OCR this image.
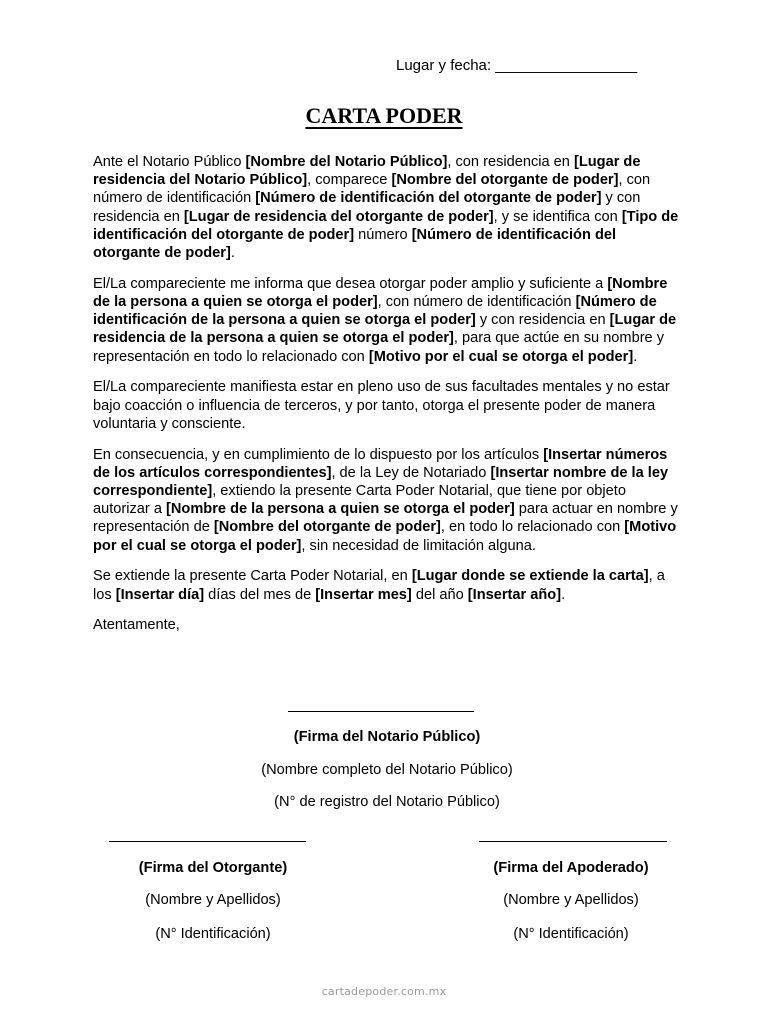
Lugar y fecha: _________________
CARTA PODER

Ante el Notario Público [Nombre del Notario Público], con residencia en [Lugar de residencia del Notario Público], comparece [Nombre del otorgante de poder], con número de identificación [Número de identificación del otorgante de poder] y con residencia en [Lugar de residencia del otorgante de poder], y se identifica con [Tipo de identificación del otorgante de poder] número [Número de identificación del otorgante de poder].

El/La compareciente me informa que desea otorgar poder amplio y suficiente a [Nombre de la persona a quien se otorga el poder], con número de identificación [Número de identificación de la persona a quien se otorga el poder] y con residencia en [Lugar de residencia de la persona a quien se otorga el poder], para que actúe en su nombre y representación en todo lo relacionado con [Motivo por el cual se otorga el poder].

El/La compareciente manifiesta estar en pleno uso de sus facultades mentales y no estar bajo coacción o influencia de terceros, y por tanto, otorga el presente poder de manera voluntaria y consciente.

En consecuencia, y en cumplimiento de lo dispuesto por los artículos [Insertar números de los artículos correspondientes], de la Ley de Notariado [Insertar nombre de la ley correspondiente], extiendo la presente Carta Poder Notarial, que tiene por objeto autorizar a [Nombre de la persona a quien se otorga el poder] para actuar en nombre y representación de [Nombre del otorgante de poder], en todo lo relacionado con [Motivo por el cual se otorga el poder], sin necesidad de limitación alguna.

Se extiende la presente Carta Poder Notarial, en [Lugar donde se extiende la carta], a los [Insertar día] días del mes de [Insertar mes] del año [Insertar año].

Atentamente,

(Firma del Notario Público)
(Nombre completo del Notario Público)
(N° de registro del Notario Público)
(Firma del Otorgante)
(Nombre y Apellidos)
(N° Identificación)
(Firma del Apoderado)
(Nombre y Apellidos)
(N° Identificación)
cartadepoder.com.mx
